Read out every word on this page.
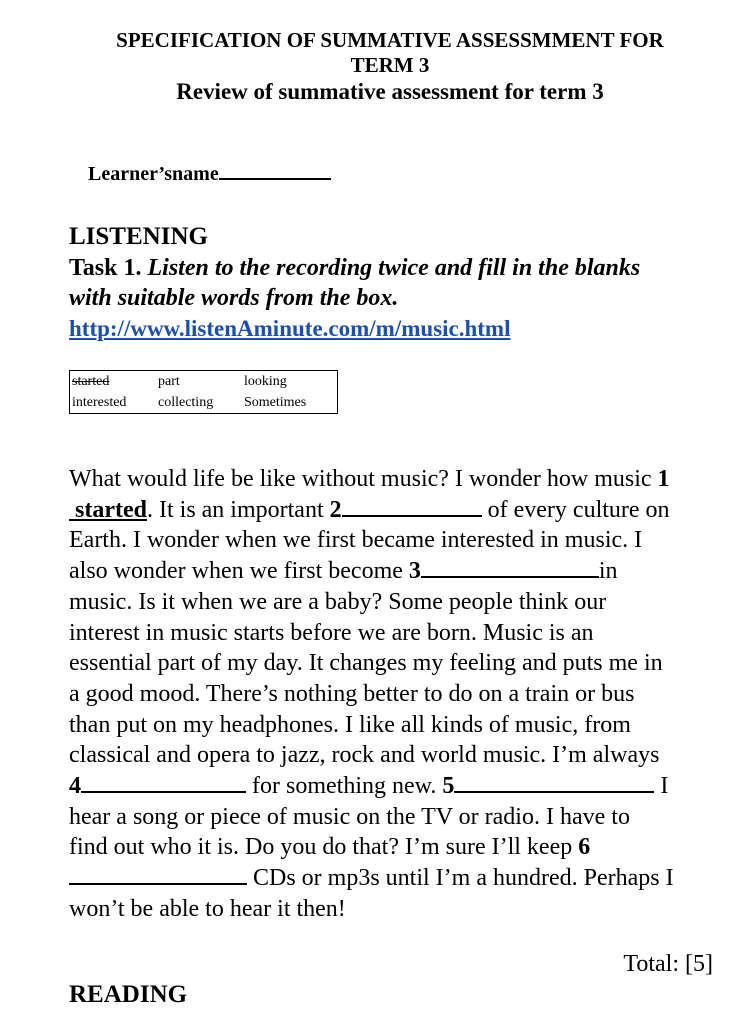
SPECIFICATION OF SUMMATIVE ASSESSMMENT FOR
TERM 3
Review of summative assessment for term 3
Learner’sname
LISTENING
Task 1. Listen to the recording twice and fill in the blanks
with suitable words from the box.
http://www.listenAminute.com/m/music.html
started	part	looking
interested	collecting	Sometimes
What would life be like without music? I wonder how music 1
started. It is an important 2	of every culture on
Earth. I wonder when we first became interested in music. I
also wonder when we first become 3	in
music. Is it when we are a baby? Some people think our
interest in music starts before we are born. Music is an
essential part of my day. It changes my feeling and puts me in
a good mood. There’s nothing better to do on a train or bus
than put on my headphones. I like all kinds of music, from
classical and opera to jazz, rock and world music. I’m always
4	for something new. 5	I
hear a song or piece of music on the TV or radio. I have to
find out who it is. Do you do that? I’m sure I’ll keep 6
CDs or mp3s until I’m a hundred. Perhaps I
won’t be able to hear it then!
Total: [5]
READING
